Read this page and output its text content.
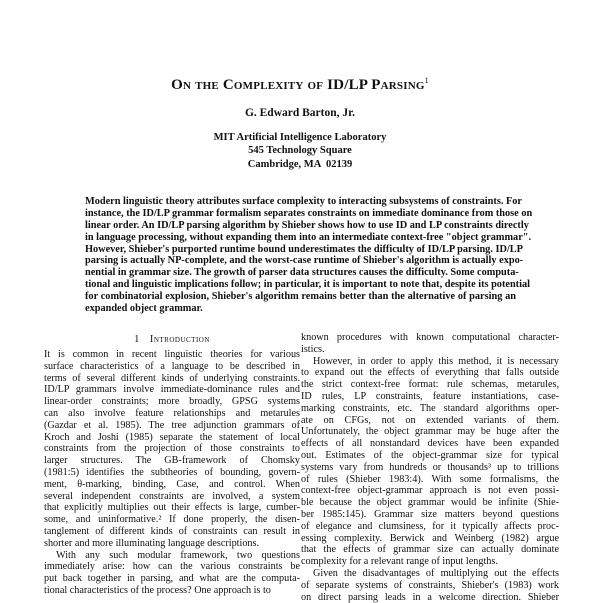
On the Complexity of ID/LP Parsing$^1$
G. Edward Barton, Jr.
MIT Artificial Intelligence Laboratory
545 Technology Square
Cambridge, MA  02139
Modern linguistic theory attributes surface complexity to interacting subsystems of constraints. For
instance, the ID/LP grammar formalism separates constraints on immediate dominance from those on
linear order. An ID/LP parsing algorithm by Shieber shows how to use ID and LP constraints directly
in language processing, without expanding them into an intermediate context-free "object grammar".
However, Shieber's purported runtime bound underestimates the difficulty of ID/LP parsing. ID/LP
parsing is actually NP-complete, and the worst-case runtime of Shieber's algorithm is actually expo-
nential in grammar size. The growth of parser data structures causes the difficulty. Some computa-
tional and linguistic implications follow; in particular, it is important to note that, despite its potential
for combinatorial explosion, Shieber's algorithm remains better than the alternative of parsing an
expanded object grammar.
1 Introduction
It is common in recent linguistic theories for various
surface characteristics of a language to be described in
terms of several different kinds of underlying constraints.
ID/LP grammars involve immediate-dominance rules and
linear-order constraints; more broadly, GPSG systems
can also involve feature relationships and metarules
(Gazdar et al. 1985). The tree adjunction grammars of
Kroch and Joshi (1985) separate the statement of local
constraints from the projection of those constraints to
larger structures. The GB-framework of Chomsky
(1981:5) identifies the subtheories of bounding, govern-
ment, θ-marking, binding, Case, and control. When
several independent constraints are involved, a system
that explicitly multiplies out their effects is large, cumber-
some, and uninformative.² If done properly, the disen-
tanglement of different kinds of constraints can result in
shorter and more illuminating language descriptions.
With any such modular framework, two questions
immediately arise: how can the various constraints be
put back together in parsing, and what are the computa-
tional characteristics of the process? One approach is to
known procedures with known computational character-
istics.
However, in order to apply this method, it is necessary
to expand out the effects of everything that falls outside
the strict context-free format: rule schemas, metarules,
ID rules, LP constraints, feature instantiations, case-
marking constraints, etc. The standard algorithms oper-
ate on CFGs, not on extended variants of them.
Unfortunately, the object grammar may be huge after the
effects of all nonstandard devices have been expanded
out. Estimates of the object-grammar size for typical
systems vary from hundreds or thousands³ up to trillions
of rules (Shieber 1983:4). With some formalisms, the
context-free object-grammar approach is not even possi-
ble because the object grammar would be infinite (Shie-
ber 1985:145). Grammar size matters beyond questions
of elegance and clumsiness, for it typically affects proc-
essing complexity. Berwick and Weinberg (1982) argue
that the effects of grammar size can actually dominate
complexity for a relevant range of input lengths.
Given the disadvantages of multiplying out the effects
of separate systems of constraints, Shieber's (1983) work
on direct parsing leads in a welcome direction. Shieber
